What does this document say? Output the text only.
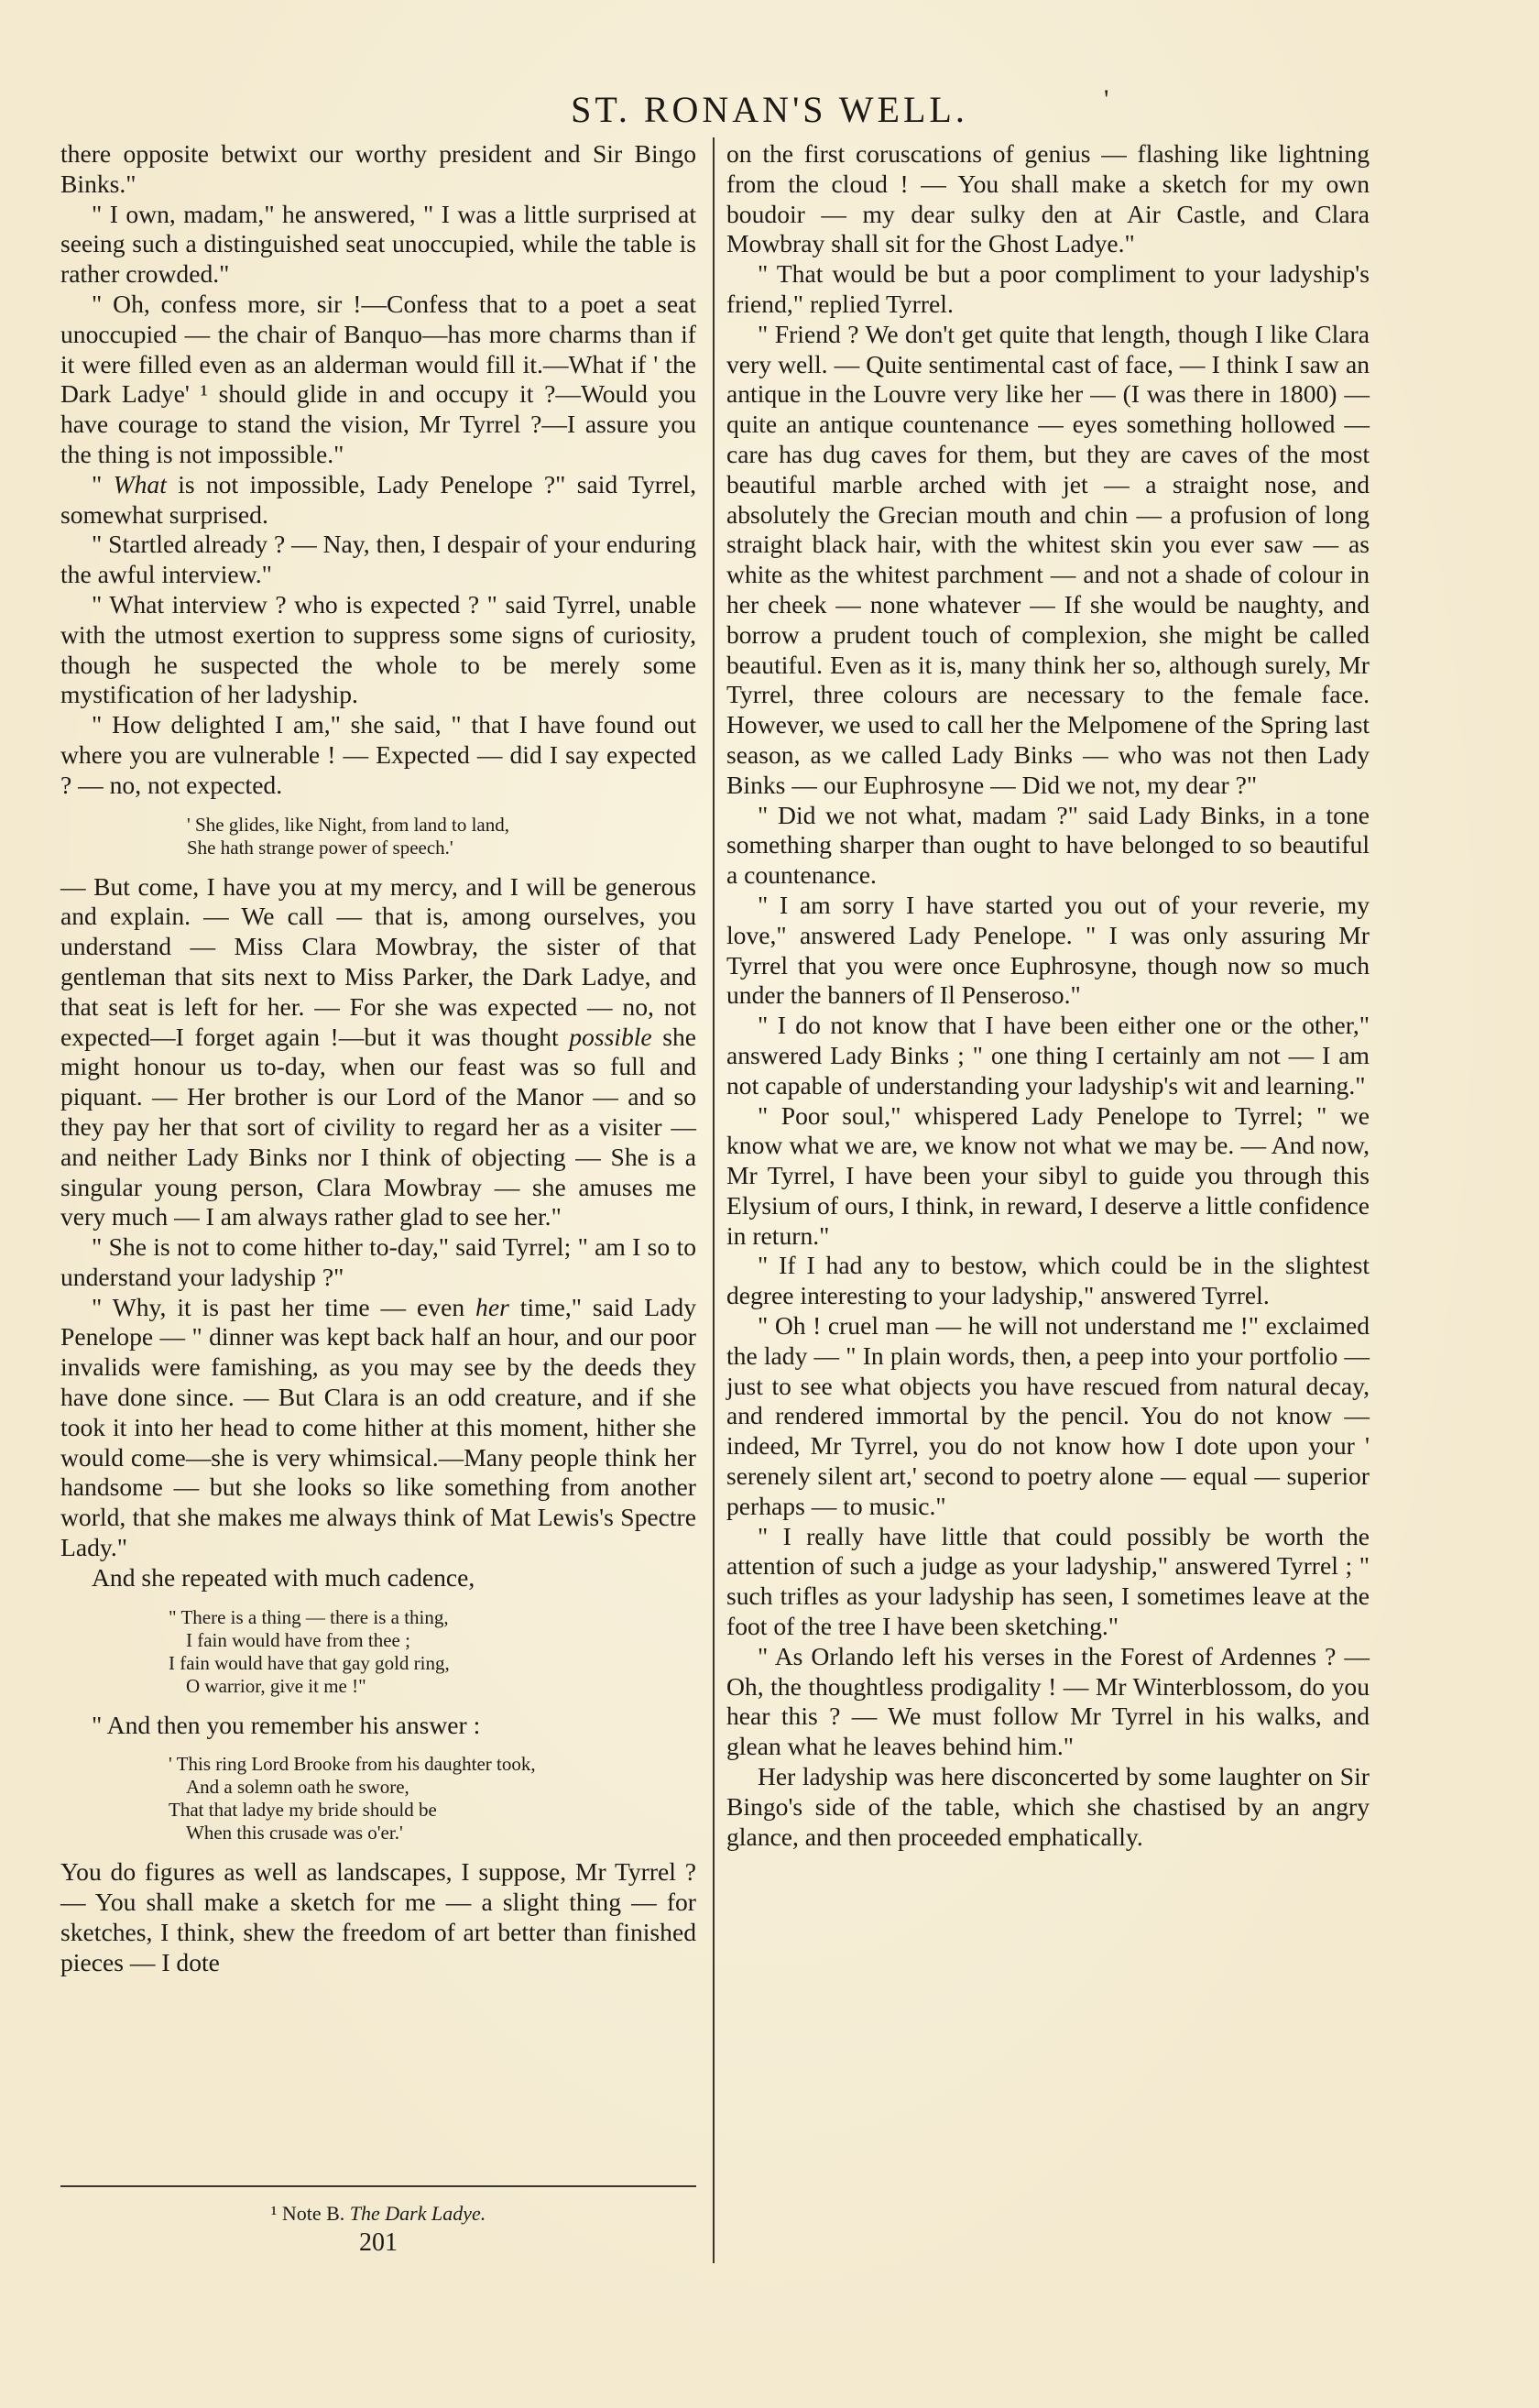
ST. RONAN'S WELL.	'

there opposite betwixt our worthy president and Sir Bingo Binks."

" I own, madam," he answered, " I was a little surprised at seeing such a distinguished seat unoccupied, while the table is rather crowded."

" Oh, confess more, sir !—Confess that to a poet a seat unoccupied — the chair of Banquo—has more charms than if it were filled even as an alderman would fill it.—What if ' the Dark Ladye' ¹ should glide in and occupy it ?—Would you have courage to stand the vision, Mr Tyrrel ?—I assure you the thing is not impossible."

" What is not impossible, Lady Penelope ?" said Tyrrel, somewhat surprised.

" Startled already ? — Nay, then, I despair of your enduring the awful interview."

" What interview ? who is expected ? " said Tyrrel, unable with the utmost exertion to suppress some signs of curiosity, though he suspected the whole to be merely some mystification of her ladyship.

" How delighted I am," she said, " that I have found out where you are vulnerable ! — Expected — did I say expected ? — no, not expected.

' She glides, like Night, from land to land,
She hath strange power of speech.'

— But come, I have you at my mercy, and I will be generous and explain. — We call — that is, among ourselves, you understand — Miss Clara Mowbray, the sister of that gentleman that sits next to Miss Parker, the Dark Ladye, and that seat is left for her. — For she was expected — no, not expected—I forget again !—but it was thought possible she might honour us to-day, when our feast was so full and piquant. — Her brother is our Lord of the Manor — and so they pay her that sort of civility to regard her as a visiter — and neither Lady Binks nor I think of objecting — She is a singular young person, Clara Mowbray — she amuses me very much — I am always rather glad to see her."

" She is not to come hither to-day," said Tyrrel; " am I so to understand your ladyship ?"

" Why, it is past her time — even her time," said Lady Penelope — " dinner was kept back half an hour, and our poor invalids were famishing, as you may see by the deeds they have done since. — But Clara is an odd creature, and if she took it into her head to come hither at this moment, hither she would come—she is very whimsical.—Many people think her handsome — but she looks so like something from another world, that she makes me always think of Mat Lewis's Spectre Lady."

And she repeated with much cadence,

" There is a thing — there is a thing,
I fain would have from thee ;
I fain would have that gay gold ring,
O warrior, give it me !"

" And then you remember his answer :

' This ring Lord Brooke from his daughter took,
And a solemn oath he swore,
That that ladye my bride should be
When this crusade was o'er.'

You do figures as well as landscapes, I suppose, Mr Tyrrel ? — You shall make a sketch for me — a slight thing — for sketches, I think, shew the freedom of art better than finished pieces — I dote

on the first coruscations of genius — flashing like lightning from the cloud ! — You shall make a sketch for my own boudoir — my dear sulky den at Air Castle, and Clara Mowbray shall sit for the Ghost Ladye."

" That would be but a poor compliment to your ladyship's friend," replied Tyrrel.

" Friend ? We don't get quite that length, though I like Clara very well. — Quite sentimental cast of face, — I think I saw an antique in the Louvre very like her — (I was there in 1800) — quite an antique countenance — eyes something hollowed — care has dug caves for them, but they are caves of the most beautiful marble arched with jet — a straight nose, and absolutely the Grecian mouth and chin — a profusion of long straight black hair, with the whitest skin you ever saw — as white as the whitest parchment — and not a shade of colour in her cheek — none whatever — If she would be naughty, and borrow a prudent touch of complexion, she might be called beautiful. Even as it is, many think her so, although surely, Mr Tyrrel, three colours are necessary to the female face. However, we used to call her the Melpomene of the Spring last season, as we called Lady Binks — who was not then Lady Binks — our Euphrosyne — Did we not, my dear ?"

" Did we not what, madam ?" said Lady Binks, in a tone something sharper than ought to have belonged to so beautiful a countenance.

" I am sorry I have started you out of your reverie, my love," answered Lady Penelope. " I was only assuring Mr Tyrrel that you were once Euphrosyne, though now so much under the banners of Il Penseroso."

" I do not know that I have been either one or the other," answered Lady Binks ; " one thing I certainly am not — I am not capable of understanding your ladyship's wit and learning."

" Poor soul," whispered Lady Penelope to Tyrrel; " we know what we are, we know not what we may be. — And now, Mr Tyrrel, I have been your sibyl to guide you through this Elysium of ours, I think, in reward, I deserve a little confidence in return."

" If I had any to bestow, which could be in the slightest degree interesting to your ladyship," answered Tyrrel.

" Oh ! cruel man — he will not understand me !" exclaimed the lady — " In plain words, then, a peep into your portfolio — just to see what objects you have rescued from natural decay, and rendered immortal by the pencil. You do not know — indeed, Mr Tyrrel, you do not know how I dote upon your ' serenely silent art,' second to poetry alone — equal — superior perhaps — to music."

" I really have little that could possibly be worth the attention of such a judge as your ladyship," answered Tyrrel ; " such trifles as your ladyship has seen, I sometimes leave at the foot of the tree I have been sketching."

" As Orlando left his verses in the Forest of Ardennes ? — Oh, the thoughtless prodigality ! — Mr Winterblossom, do you hear this ? — We must follow Mr Tyrrel in his walks, and glean what he leaves behind him."

Her ladyship was here disconcerted by some laughter on Sir Bingo's side of the table, which she chastised by an angry glance, and then proceeded emphatically.

¹ Note B. The Dark Ladye.
201
